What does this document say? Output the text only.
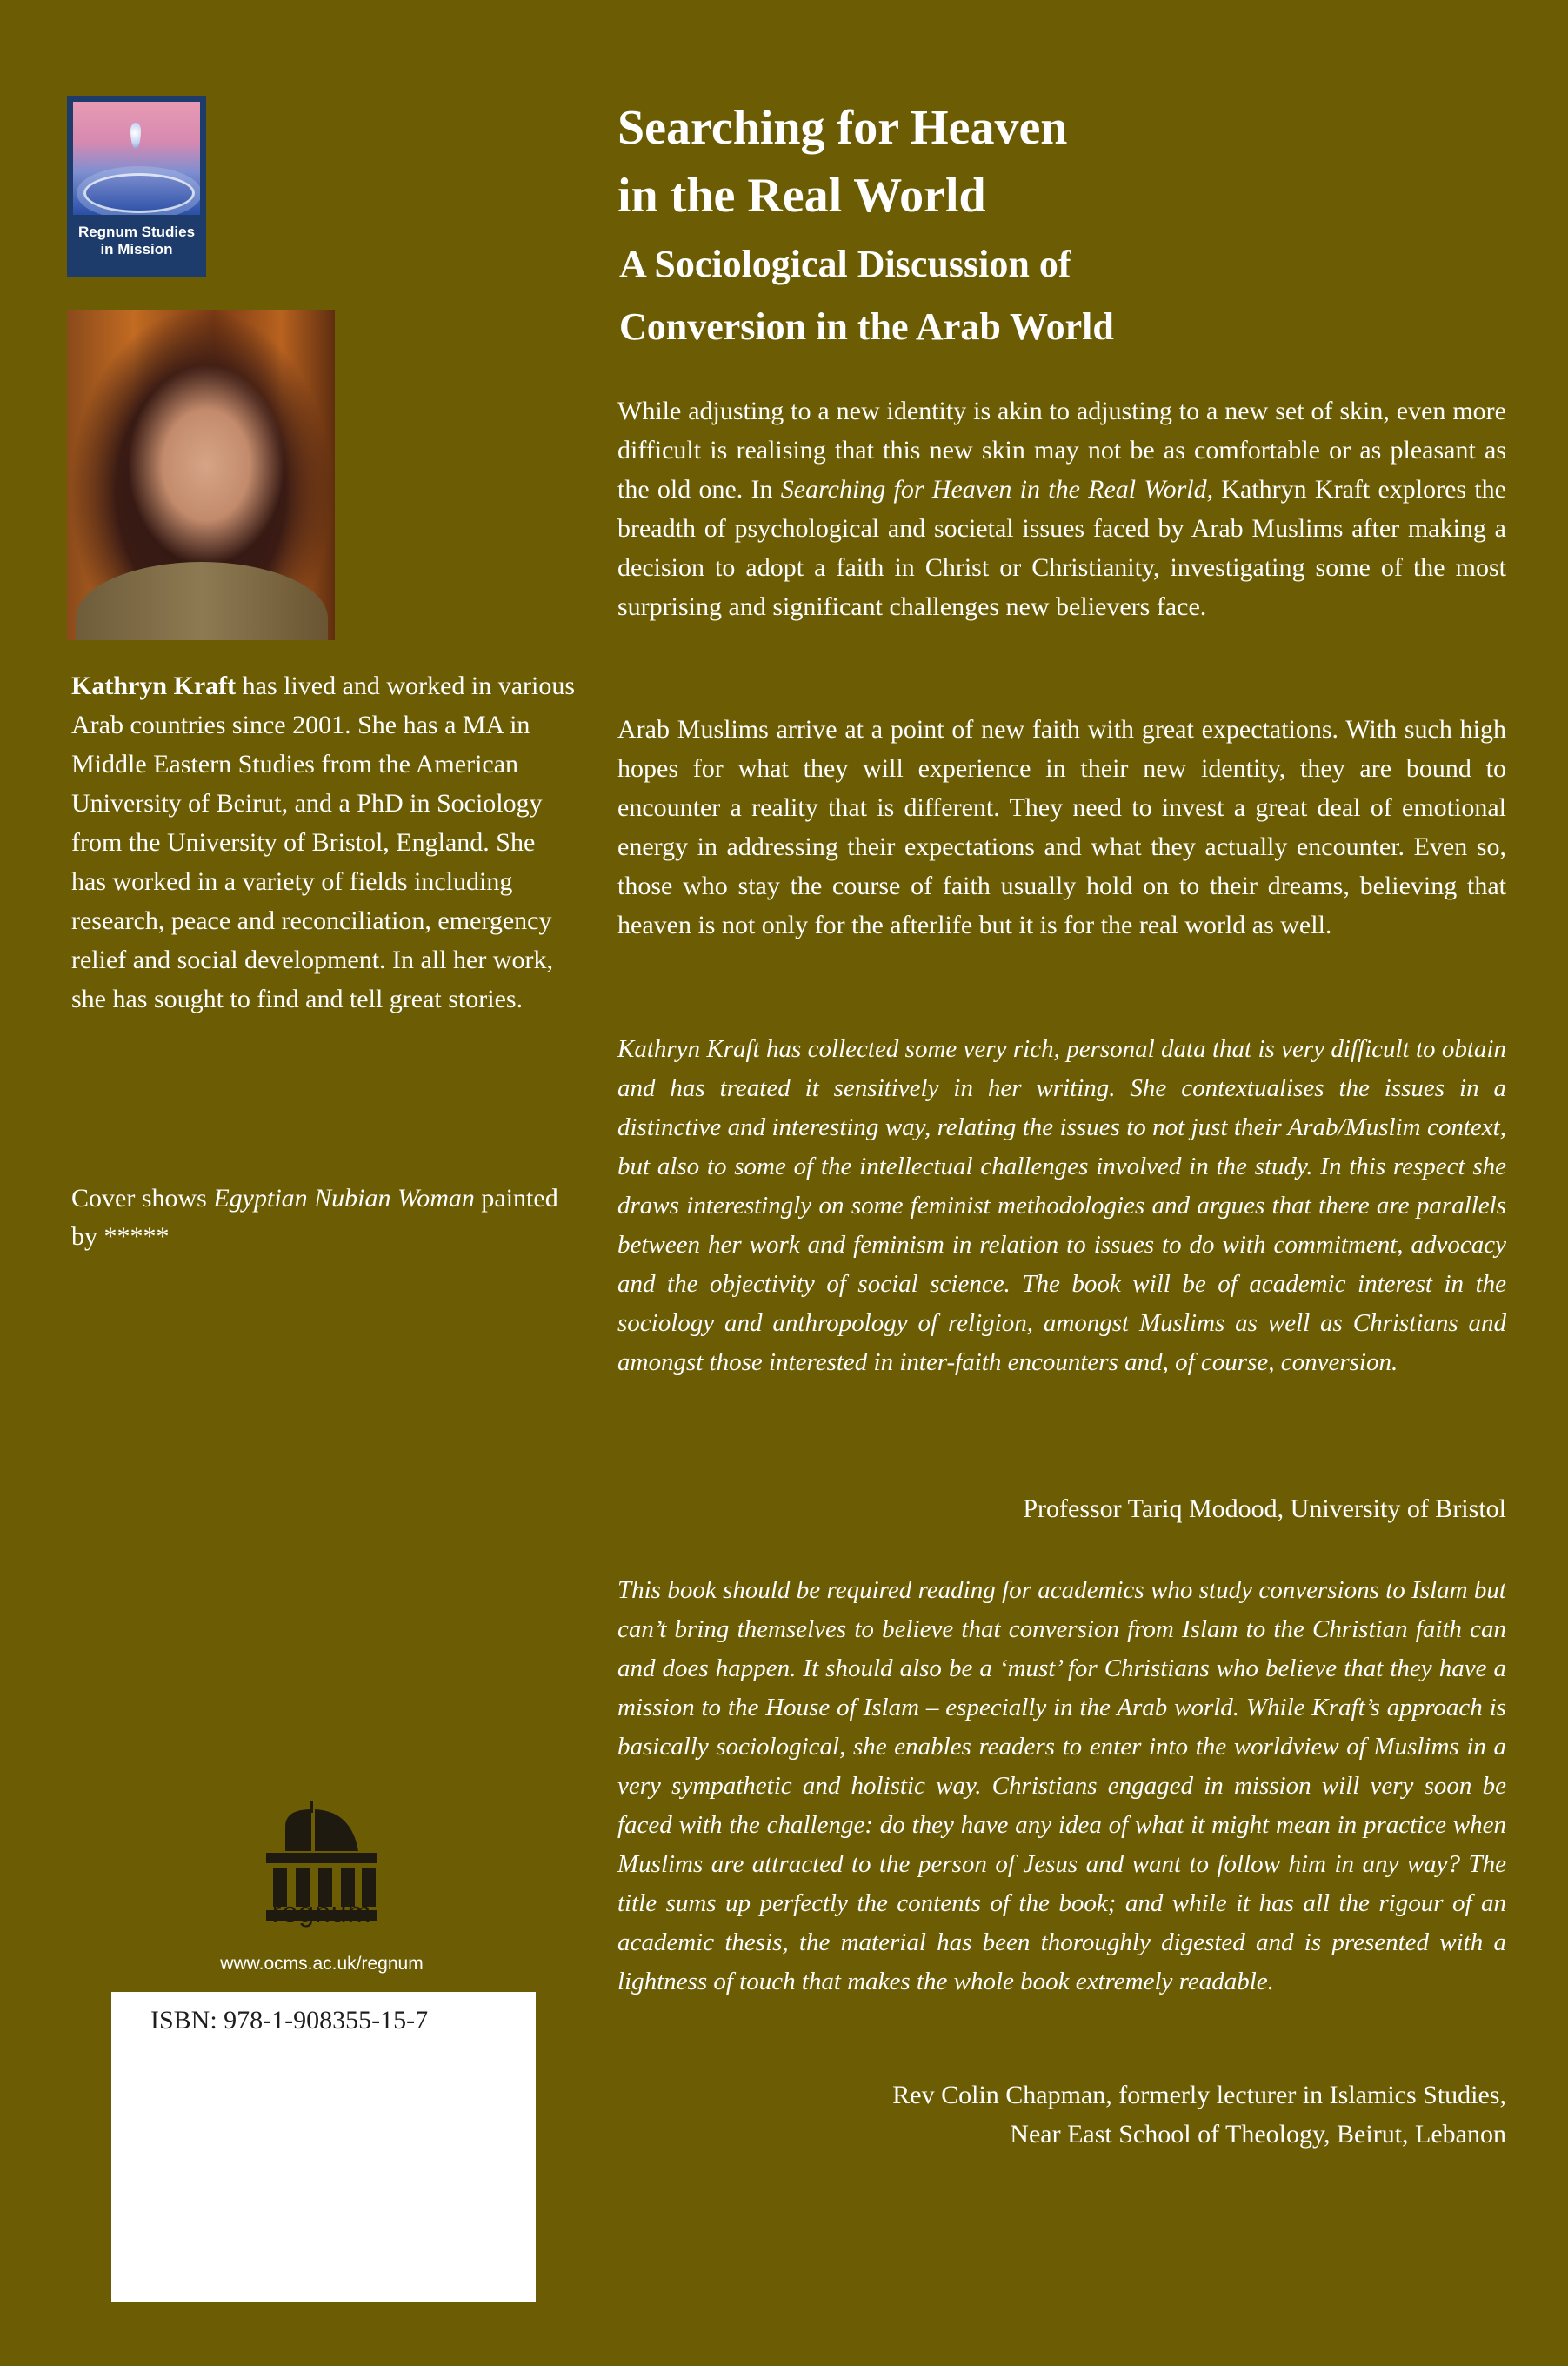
Regnum Studies in Mission
Kathryn Kraft has lived and worked in various Arab countries since 2001. She has a MA in Middle Eastern Studies from the American University of Beirut, and a PhD in Sociology from the University of Bristol, England. She has worked in a variety of fields including research, peace and reconciliation, emergency relief and social development. In all her work, she has sought to find and tell great stories.
Cover shows Egyptian Nubian Woman painted by *****
regnum
www.ocms.ac.uk/regnum
ISBN: 978-1-908355-15-7
Searching for Heaven
in the Real World
A Sociological Discussion of
Conversion in the Arab World
While adjusting to a new identity is akin to adjusting to a new set of skin, even more difficult is realising that this new skin may not be as comfortable or as pleasant as the old one. In Searching for Heaven in the Real World, Kathryn Kraft explores the breadth of psychological and societal issues faced by Arab Muslims after making a decision to adopt a faith in Christ or Christianity, investigating some of the most surprising and significant challenges new believers face.
Arab Muslims arrive at a point of new faith with great expectations. With such high hopes for what they will experience in their new identity, they are bound to encounter a reality that is different. They need to invest a great deal of emotional energy in addressing their expectations and what they actually encounter. Even so, those who stay the course of faith usually hold on to their dreams, believing that heaven is not only for the afterlife but it is for the real world as well.
Kathryn Kraft has collected some very rich, personal data that is very difficult to obtain and has treated it sensitively in her writing. She contextualises the issues in a distinctive and interesting way, relating the issues to not just their Arab/Muslim context, but also to some of the intellectual challenges involved in the study. In this respect she draws interestingly on some feminist methodologies and argues that there are parallels between her work and feminism in relation to issues to do with commitment, advocacy and the objectivity of social science. The book will be of academic interest in the sociology and anthropology of religion, amongst Muslims as well as Christians and amongst those interested in inter-faith encounters and, of course, conversion.
Professor Tariq Modood, University of Bristol
This book should be required reading for academics who study conversions to Islam but can’t bring themselves to believe that conversion from Islam to the Christian faith can and does happen. It should also be a ‘must’ for Christians who believe that they have a mission to the House of Islam – especially in the Arab world. While Kraft’s approach is basically sociological, she enables readers to enter into the worldview of Muslims in a very sympathetic and holistic way. Christians engaged in mission will very soon be faced with the challenge: do they have any idea of what it might mean in practice when Muslims are attracted to the person of Jesus and want to follow him in any way? The title sums up perfectly the contents of the book; and while it has all the rigour of an academic thesis, the material has been thoroughly digested and is presented with a lightness of touch that makes the whole book extremely readable.
Rev Colin Chapman, formerly lecturer in Islamics Studies,
Near East School of Theology, Beirut, Lebanon
